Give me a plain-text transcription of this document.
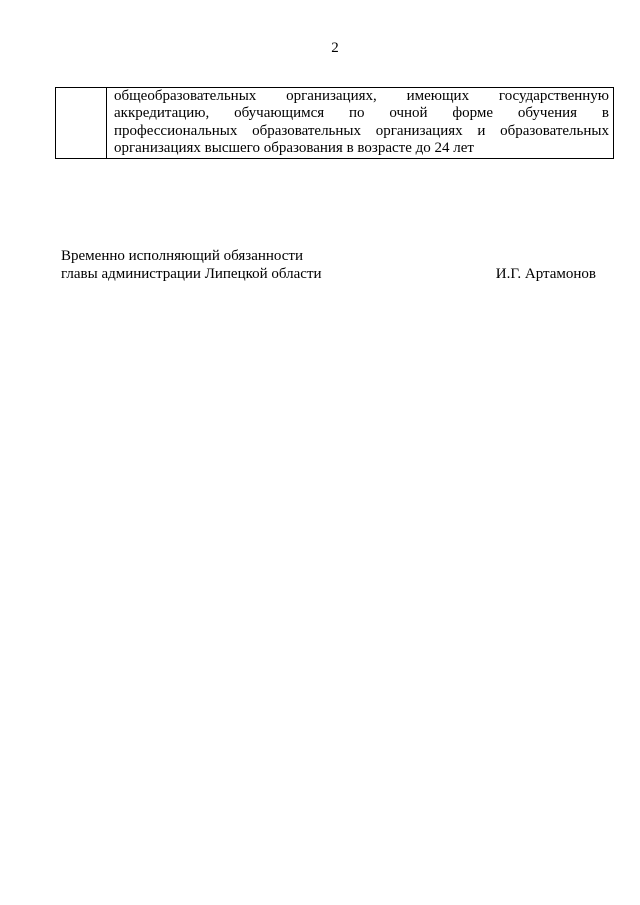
2

общеобразовательных организациях, имеющих государственную
аккредитацию, обучающимся по очной форме обучения в
профессиональных образовательных организациях и образовательных
организациях высшего образования в возрасте до 24 лет
Временно исполняющий обязанности
главы администрации Липецкой области	И.Г. Артамонов
